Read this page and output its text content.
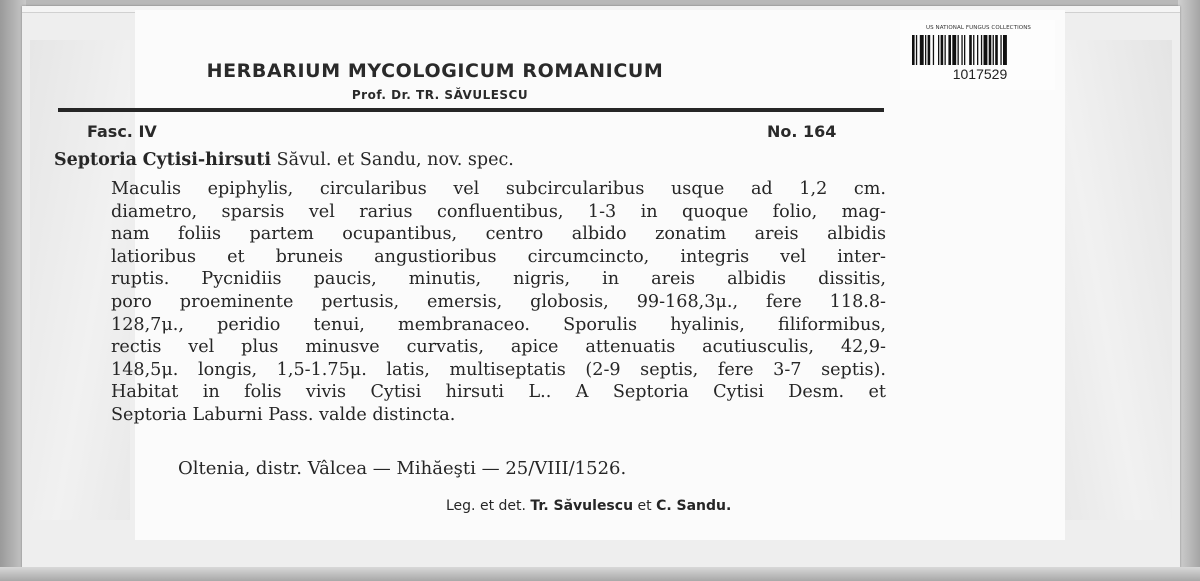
HERBARIUM MYCOLOGICUM ROMANICUM
Prof. Dr. TR. SĂVULESCU
Fasc. IV	No. 164
Septoria Cytisi-hirsuti Săvul. et Sandu, nov. spec.
Maculis epiphylis, circularibus vel subcircularibus usque ad 1,2 cm.
diametro, sparsis vel rarius confluentibus, 1-3 in quoque folio, mag-
nam foliis partem ocupantibus, centro albido zonatim areis albidis
latioribus et bruneis angustioribus circumcincto, integris vel inter-
ruptis. Pycnidiis paucis, minutis, nigris, in areis albidis dissitis,
poro proeminente pertusis, emersis, globosis, 99-168,3μ., fere 118.8-
128,7μ., peridio tenui, membranaceo. Sporulis hyalinis, filiformibus,
rectis vel plus minusve curvatis, apice attenuatis acutiusculis, 42,9-
148,5μ. longis, 1,5-1.75μ. latis, multiseptatis (2-9 septis, fere 3-7 septis).
Habitat in folis vivis Cytisi hirsuti L.. A Septoria Cytisi Desm. et
Septoria Laburni Pass. valde distincta.
Oltenia, distr. Vâlcea — Mihăeşti — 25/VIII/1526.
Leg. et det. Tr. Săvulescu et C. Sandu.
US NATIONAL FUNGUS COLLECTIONS
1017529
